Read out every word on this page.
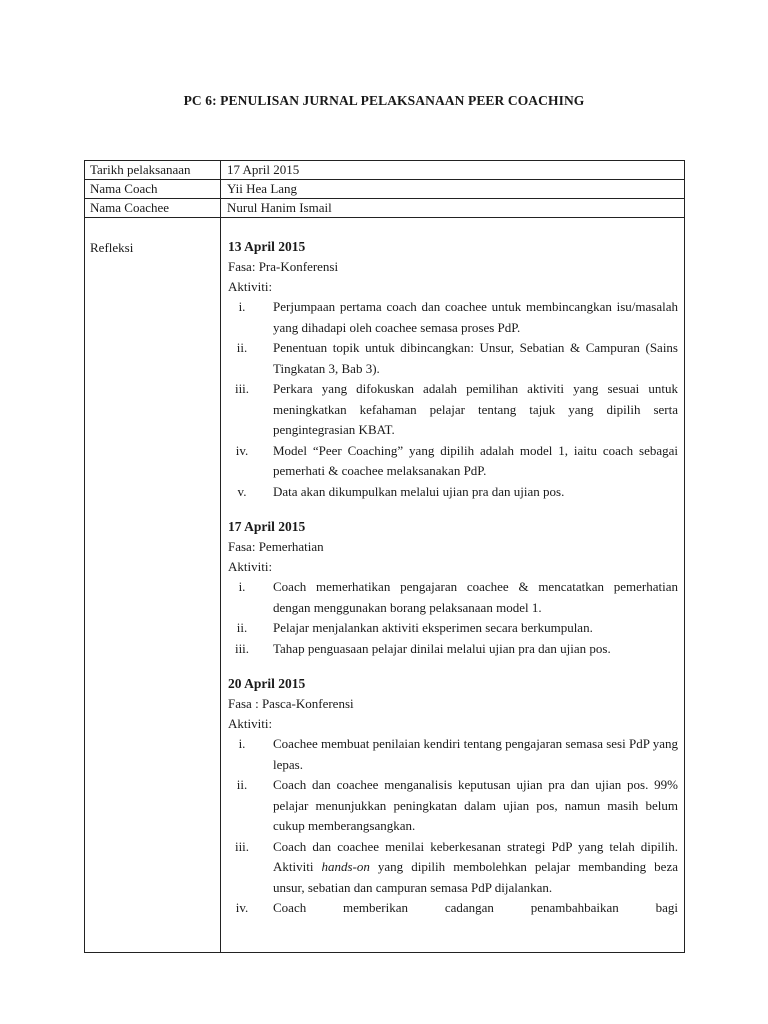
PC 6: PENULISAN JURNAL PELAKSANAAN PEER COACHING
Tarikh pelaksanaan	17 April 2015
Nama Coach	Yii Hea Lang
Nama Coachee	Nurul Hanim Ismail
Refleksi	13 April 2015
Fasa: Pra-Konferensi
Aktiviti:
i.	Perjumpaan pertama coach dan coachee untuk membincangkan isu/masalah yang dihadapi oleh coachee semasa proses PdP.
ii.	Penentuan topik untuk dibincangkan: Unsur, Sebatian & Campuran (Sains Tingkatan 3, Bab 3).
iii.	Perkara yang difokuskan adalah pemilihan aktiviti yang sesuai untuk meningkatkan kefahaman pelajar tentang tajuk yang dipilih serta pengintegrasian KBAT.
iv.	Model “Peer Coaching” yang dipilih adalah model 1, iaitu coach sebagai pemerhati & coachee melaksanakan PdP.
v.	Data akan dikumpulkan melalui ujian pra dan ujian pos.
17 April 2015
Fasa: Pemerhatian
Aktiviti:
i.	Coach memerhatikan pengajaran coachee & mencatatkan pemerhatian dengan menggunakan borang pelaksanaan model 1.
ii.	Pelajar menjalankan aktiviti eksperimen secara berkumpulan.
iii.	Tahap penguasaan pelajar dinilai melalui ujian pra dan ujian pos.
20 April 2015
Fasa : Pasca-Konferensi
Aktiviti:
i.	Coachee membuat penilaian kendiri tentang pengajaran semasa sesi PdP yang lepas.
ii.	Coach dan coachee menganalisis keputusan ujian pra dan ujian pos. 99% pelajar menunjukkan peningkatan dalam ujian pos, namun masih belum cukup memberangsangkan.
iii.	Coach dan coachee menilai keberkesanan strategi PdP yang telah dipilih. Aktiviti hands-on yang dipilih membolehkan pelajar membanding beza unsur, sebatian dan campuran semasa PdP dijalankan.
iv.	Coach memberikan cadangan penambahbaikan bagi
